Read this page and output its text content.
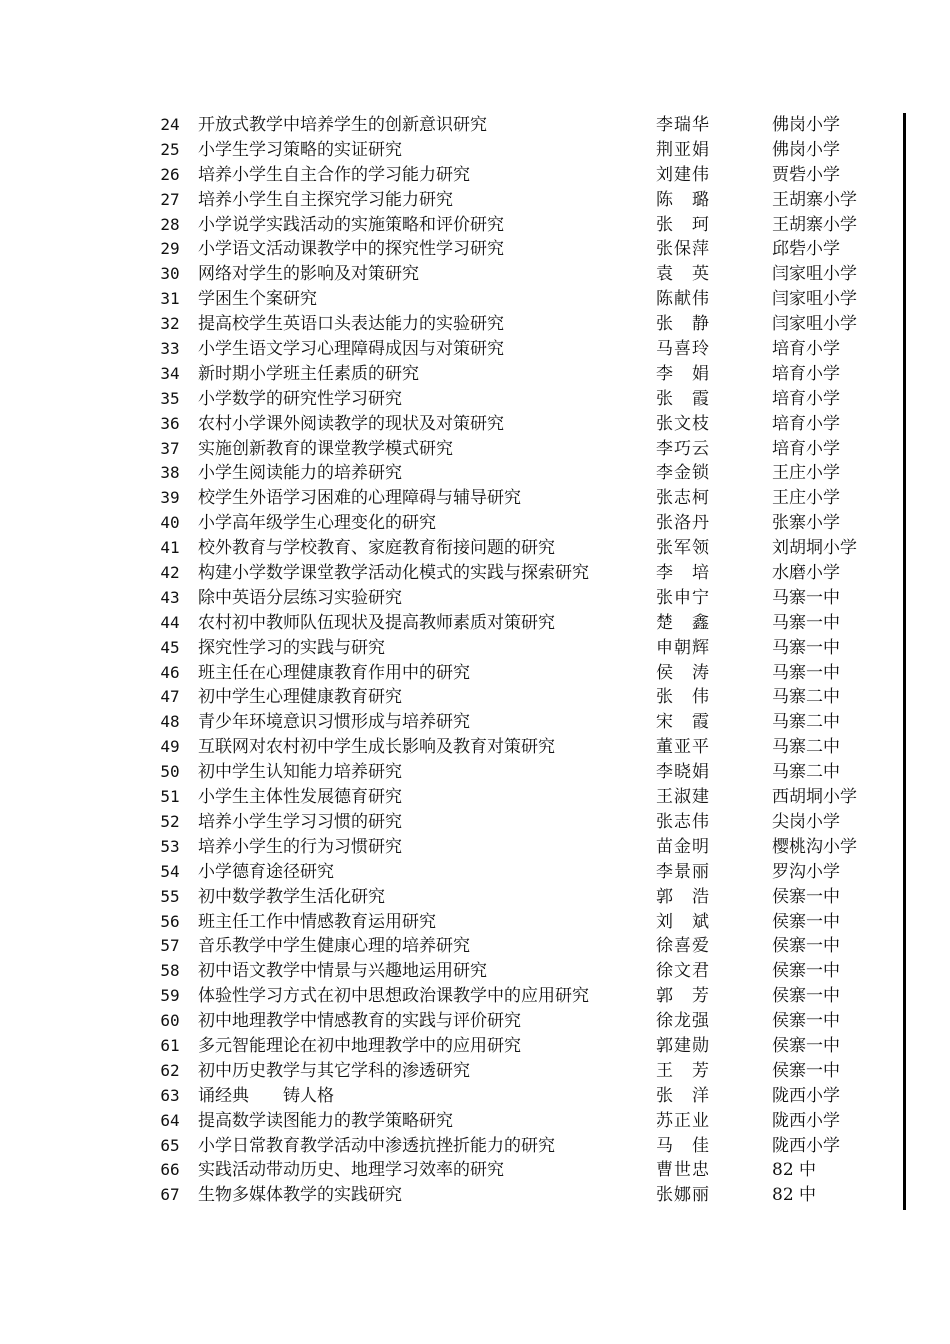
24	开放式教学中培养学生的创新意识研究	李瑞华	佛岗小学
25	小学生学习策略的实证研究	荆亚娟	佛岗小学
26	培养小学生自主合作的学习能力研究	刘建伟	贾砦小学
27	培养小学生自主探究学习能力研究	陈　璐	王胡寨小学
28	小学说学实践活动的实施策略和评价研究	张　珂	王胡寨小学
29	小学语文活动课教学中的探究性学习研究	张保萍	邱砦小学
30	网络对学生的影响及对策研究	袁　英	闫家咀小学
31	学困生个案研究	陈献伟	闫家咀小学
32	提高校学生英语口头表达能力的实验研究	张　静	闫家咀小学
33	小学生语文学习心理障碍成因与对策研究	马喜玲	培育小学
34	新时期小学班主任素质的研究	李　娟	培育小学
35	小学数学的研究性学习研究	张　霞	培育小学
36	农村小学课外阅读教学的现状及对策研究	张文枝	培育小学
37	实施创新教育的课堂教学模式研究	李巧云	培育小学
38	小学生阅读能力的培养研究	李金锁	王庄小学
39	校学生外语学习困难的心理障碍与辅导研究	张志柯	王庄小学
40	小学高年级学生心理变化的研究	张洛丹	张寨小学
41	校外教育与学校教育、家庭教育衔接问题的研究	张军领	刘胡垌小学
42	构建小学数学课堂教学活动化模式的实践与探索研究	李　培	水磨小学
43	除中英语分层练习实验研究	张申宁	马寨一中
44	农村初中教师队伍现状及提高教师素质对策研究	楚　鑫	马寨一中
45	探究性学习的实践与研究	申朝辉	马寨一中
46	班主任在心理健康教育作用中的研究	侯　涛	马寨一中
47	初中学生心理健康教育研究	张　伟	马寨二中
48	青少年环境意识习惯形成与培养研究	宋　霞	马寨二中
49	互联网对农村初中学生成长影响及教育对策研究	董亚平	马寨二中
50	初中学生认知能力培养研究	李晓娟	马寨二中
51	小学生主体性发展德育研究	王淑建	西胡垌小学
52	培养小学生学习习惯的研究	张志伟	尖岗小学
53	培养小学生的行为习惯研究	苗金明	樱桃沟小学
54	小学德育途径研究	李景丽	罗沟小学
55	初中数学教学生活化研究	郭　浩	侯寨一中
56	班主任工作中情感教育运用研究	刘　斌	侯寨一中
57	音乐教学中学生健康心理的培养研究	徐喜爱	侯寨一中
58	初中语文教学中情景与兴趣地运用研究	徐文君	侯寨一中
59	体验性学习方式在初中思想政治课教学中的应用研究	郭　芳	侯寨一中
60	初中地理教学中情感教育的实践与评价研究	徐龙强	侯寨一中
61	多元智能理论在初中地理教学中的应用研究	郭建勋	侯寨一中
62	初中历史教学与其它学科的渗透研究	王　芳	侯寨一中
63	诵经典　　铸人格	张　洋	陇西小学
64	提高数学读图能力的教学策略研究	苏正业	陇西小学
65	小学日常教育教学活动中渗透抗挫折能力的研究	马　佳	陇西小学
66	实践活动带动历史、地理学习效率的研究	曹世忠	82 中
67	生物多媒体教学的实践研究	张娜丽	82 中
